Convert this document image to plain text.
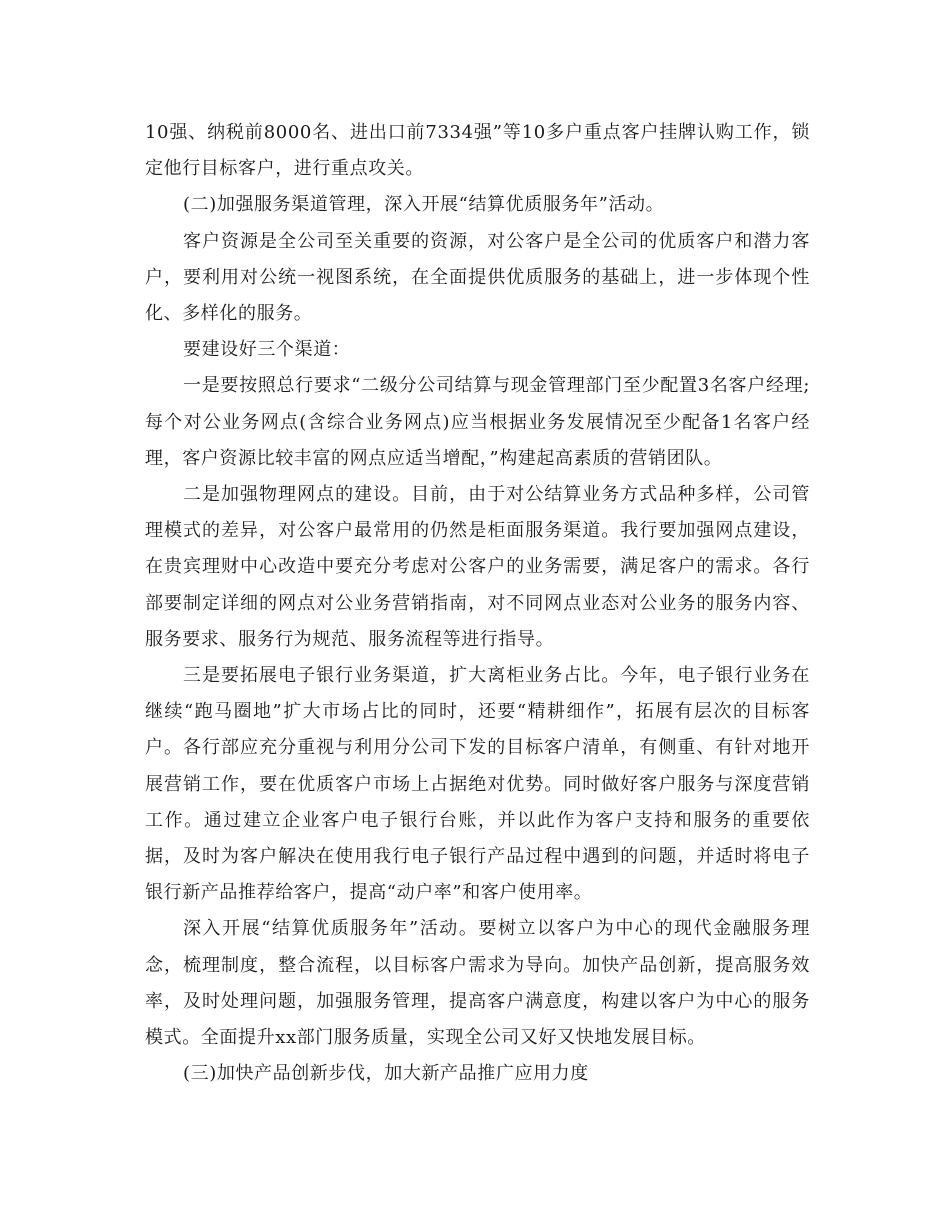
10强、纳税前8000名、进出口前7334强”等10多户重点客户挂牌认购工作，锁定他行目标客户，进行重点攻关。

(二)加强服务渠道管理，深入开展“结算优质服务年”活动。

客户资源是全公司至关重要的资源，对公客户是全公司的优质客户和潜力客户，要利用对公统一视图系统，在全面提供优质服务的基础上，进一步体现个性化、多样化的服务。

要建设好三个渠道：

一是要按照总行要求“二级分公司结算与现金管理部门至少配置3名客户经理;每个对公业务网点(含综合业务网点)应当根据业务发展情况至少配备1名客户经理，客户资源比较丰富的网点应适当增配，”构建起高素质的营销团队。

二是加强物理网点的建设。目前，由于对公结算业务方式品种多样，公司管理模式的差异，对公客户最常用的仍然是柜面服务渠道。我行要加强网点建设，在贵宾理财中心改造中要充分考虑对公客户的业务需要，满足客户的需求。各行部要制定详细的网点对公业务营销指南，对不同网点业态对公业务的服务内容、服务要求、服务行为规范、服务流程等进行指导。

三是要拓展电子银行业务渠道，扩大离柜业务占比。今年，电子银行业务在继续“跑马圈地”扩大市场占比的同时，还要“精耕细作”，拓展有层次的目标客户。各行部应充分重视与利用分公司下发的目标客户清单，有侧重、有针对地开展营销工作，要在优质客户市场上占据绝对优势。同时做好客户服务与深度营销工作。通过建立企业客户电子银行台账，并以此作为客户支持和服务的重要依据，及时为客户解决在使用我行电子银行产品过程中遇到的问题，并适时将电子银行新产品推荐给客户，提高“动户率”和客户使用率。

深入开展“结算优质服务年”活动。要树立以客户为中心的现代金融服务理念，梳理制度，整合流程，以目标客户需求为导向。加快产品创新，提高服务效率，及时处理问题，加强服务管理，提高客户满意度，构建以客户为中心的服务模式。全面提升xx部门服务质量，实现全公司又好又快地发展目标。

(三)加快产品创新步伐，加大新产品推广应用力度
